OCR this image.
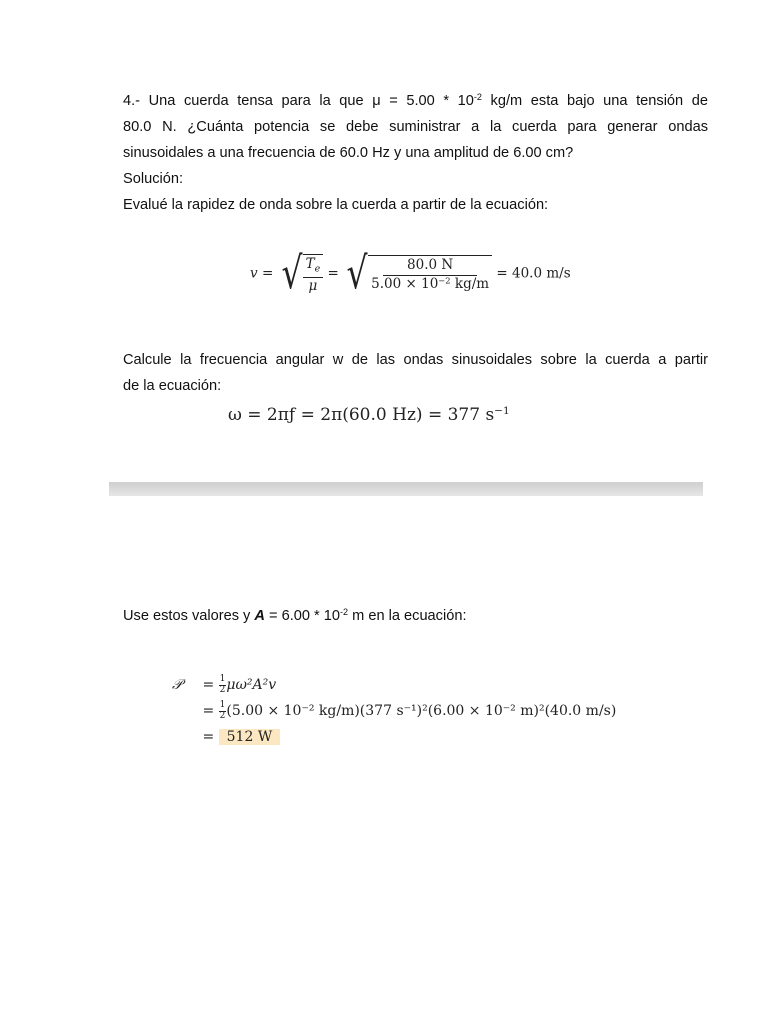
4.- Una cuerda tensa para la que $\mu = 5.00 * 10^{-2}$ kg/m esta bajo una tensión de
80.0 N. ¿Cuánta potencia se debe suministrar a la cuerda para generar ondas
sinusoidales a una frecuencia de 60.0 Hz y una amplitud de 6.00 cm?
Solución:
Evalué la rapidez de onda sobre la cuerda a partir de la ecuación:
v = √ $\frac{T_e}{\mu}$ = √ $\frac{80.0 N}{5.00 \times 10^{-2} kg/m} = 40.0$ m/s
Calcule la frecuencia angular w de las ondas sinusoidales sobre la cuerda a partir
de la ecuación:
ω = 2πƒ = 2π(60.0 Hz) = 377 $s^{-1}$
Use estos valores y $A = 6.00 * 10^{-2}$ m en la ecuación:
𝒫 = $\frac{1}{2} \mu\omega^2A^2v$
= $\frac{1}{2} (5.00 \times 10^{-2}$ kg/m)(377 s⁻¹)²(6.00 × 10⁻² m)²(40.0 m/s)
= 512 W
